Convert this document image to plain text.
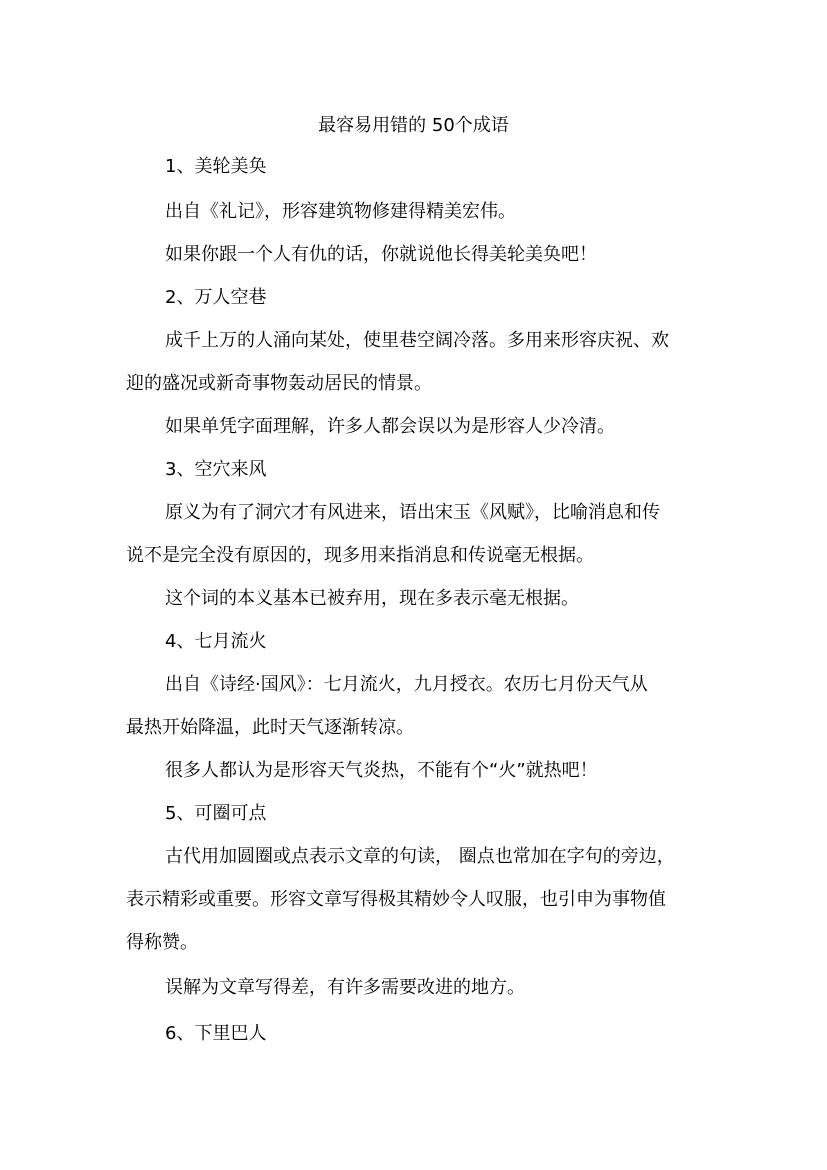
最容易用错的 50个成语
1、美轮美奂
出自《礼记》，形容建筑物修建得精美宏伟。
如果你跟一个人有仇的话，你就说他长得美轮美奂吧！
2、万人空巷
成千上万的人涌向某处，使里巷空阔冷落。多用来形容庆祝、欢
迎的盛况或新奇事物轰动居民的情景。
如果单凭字面理解，许多人都会误以为是形容人少冷清。
3、空穴来风
原义为有了洞穴才有风进来，语出宋玉《风赋》，比喻消息和传
说不是完全没有原因的，现多用来指消息和传说毫无根据。
这个词的本义基本已被弃用，现在多表示毫无根据。
4、七月流火
出自《诗经·国风》：七月流火，九月授衣。农历七月份天气从
最热开始降温，此时天气逐渐转凉。
很多人都认为是形容天气炎热，不能有个“火”就热吧！
5、可圈可点
古代用加圆圈或点表示文章的句读， 圈点也常加在字句的旁边，
表示精彩或重要。形容文章写得极其精妙令人叹服，也引申为事物值
得称赞。
误解为文章写得差，有许多需要改进的地方。
6、下里巴人
